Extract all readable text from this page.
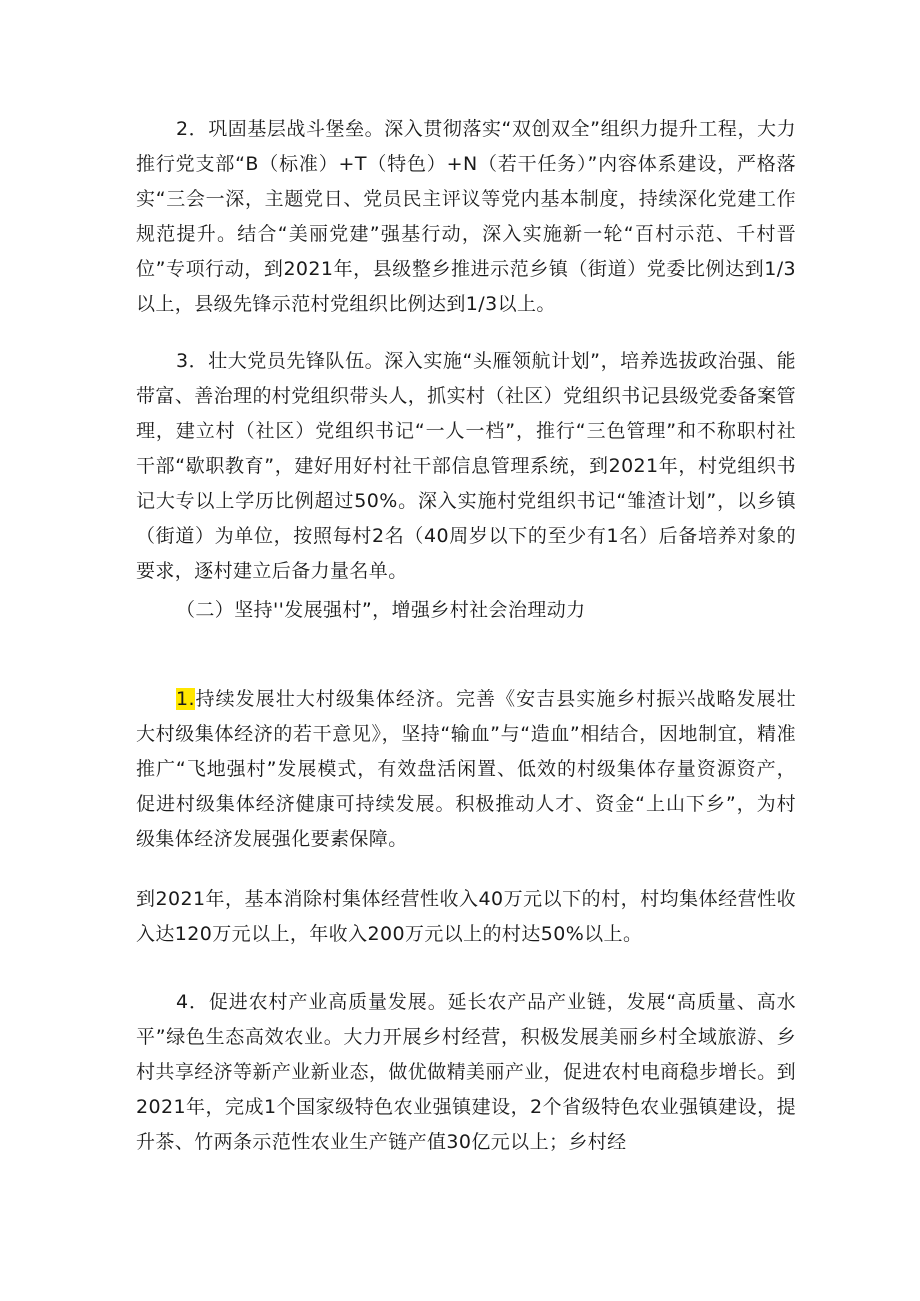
2．巩固基层战斗堡垒。深入贯彻落实“双创双全”组织力提升工程，大力推行党支部“B（标准）+T（特色）+N（若干任务）”内容体系建设，严格落实“三会一深，主题党日、党员民主评议等党内基本制度，持续深化党建工作规范提升。结合“美丽党建”强基行动，深入实施新一轮“百村示范、千村晋位”专项行动，到2021年，县级整乡推进示范乡镇（街道）党委比例达到1/3以上，县级先锋示范村党组织比例达到1/3以上。

3．壮大党员先锋队伍。深入实施“头雁领航计划”，培养选拔政治强、能带富、善治理的村党组织带头人，抓实村（社区）党组织书记县级党委备案管理，建立村（社区）党组织书记“一人一档”，推行“三色管理”和不称职村社干部“歇职教育”，建好用好村社干部信息管理系统，到2021年，村党组织书记大专以上学历比例超过50%。深入实施村党组织书记“雏渣计划”，以乡镇（街道）为单位，按照每村2名（40周岁以下的至少有1名）后备培养对象的要求，逐村建立后备力量名单。

（二）坚持''发展强村”，增强乡村社会治理动力

1.持续发展壮大村级集体经济。完善《安吉县实施乡村振兴战略发展壮大村级集体经济的若干意见》，坚持“输血”与“造血”相结合，因地制宜，精准推广“飞地强村”发展模式，有效盘活闲置、低效的村级集体存量资源资产，促进村级集体经济健康可持续发展。积极推动人才、资金“上山下乡”，为村级集体经济发展强化要素保障。

到2021年，基本消除村集体经营性收入40万元以下的村，村均集体经营性收入达120万元以上，年收入200万元以上的村达50%以上。

4．促进农村产业高质量发展。延长农产品产业链，发展“高质量、高水平”绿色生态高效农业。大力开展乡村经营，积极发展美丽乡村全域旅游、乡村共享经济等新产业新业态，做优做精美丽产业，促进农村电商稳步增长。到2021年，完成1个国家级特色农业强镇建设，2个省级特色农业强镇建设，提升茶、竹两条示范性农业生产链产值30亿元以上；乡村经
